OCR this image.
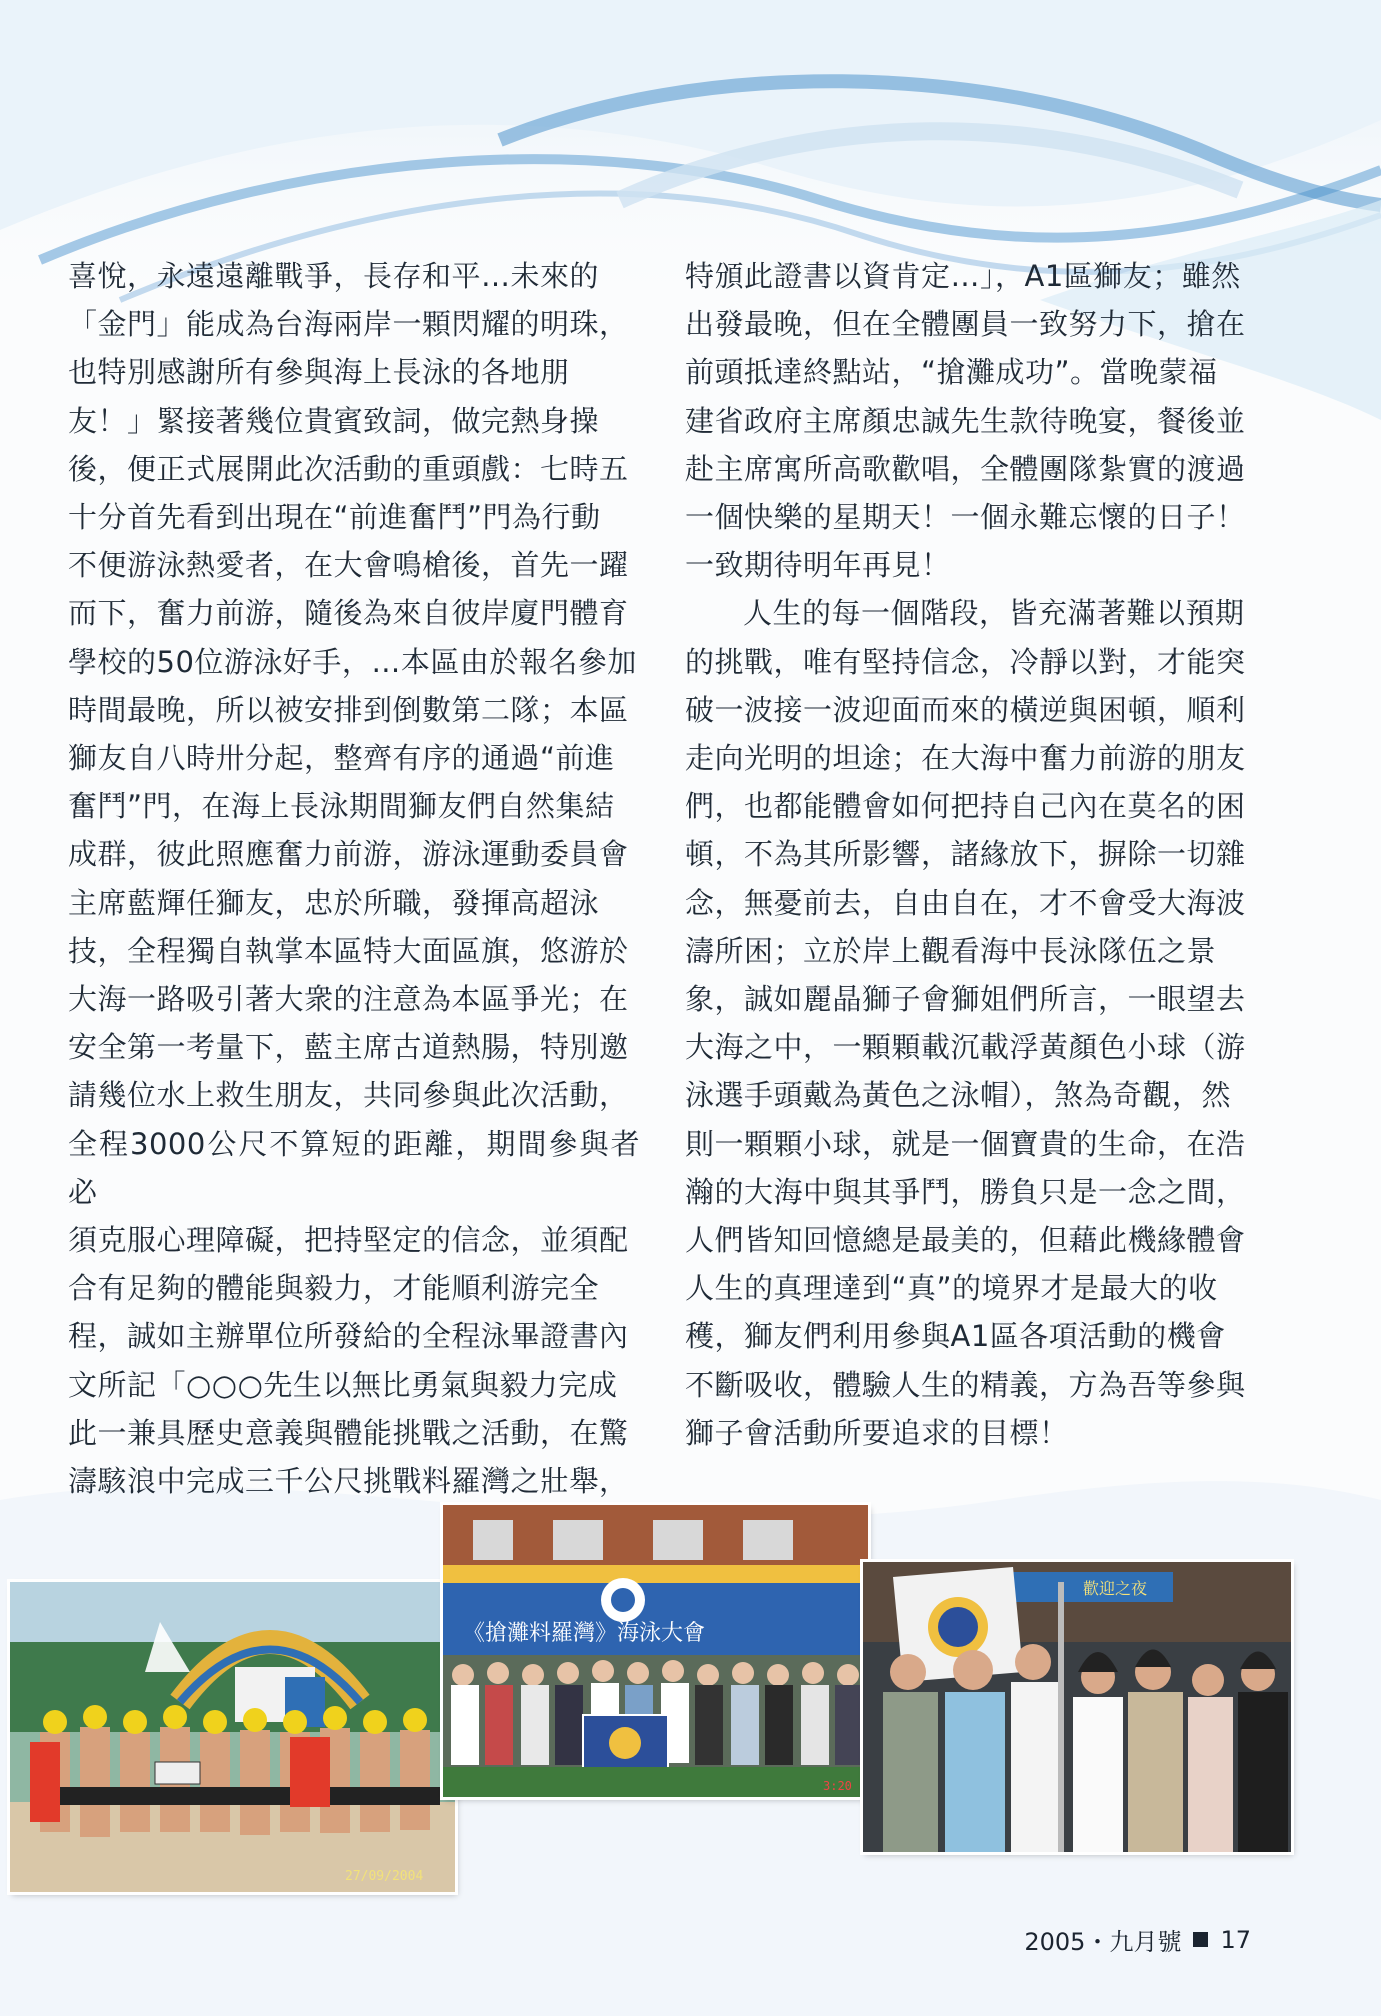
喜悅，永遠遠離戰爭，長存和平…未來的
「金門」能成為台海兩岸一顆閃耀的明珠，
也特別感謝所有參與海上長泳的各地朋
友！」緊接著幾位貴賓致詞，做完熱身操
後，便正式展開此次活動的重頭戲：七時五
十分首先看到出現在“前進奮鬥”門為行動
不便游泳熱愛者，在大會鳴槍後，首先一躍
而下，奮力前游，隨後為來自彼岸廈門體育
學校的50位游泳好手，…本區由於報名參加
時間最晚，所以被安排到倒數第二隊；本區
獅友自八時卅分起，整齊有序的通過“前進
奮鬥”門，在海上長泳期間獅友們自然集結
成群，彼此照應奮力前游，游泳運動委員會
主席藍輝任獅友，忠於所職，發揮高超泳
技，全程獨自執掌本區特大面區旗，悠游於
大海一路吸引著大衆的注意為本區爭光；在
安全第一考量下，藍主席古道熱腸，特別邀
請幾位水上救生朋友，共同參與此次活動，
全程3000公尺不算短的距離，期間參與者必
須克服心理障礙，把持堅定的信念，並須配
合有足夠的體能與毅力，才能順利游完全
程，誠如主辦單位所發給的全程泳畢證書內
文所記「○○○先生以無比勇氣與毅力完成
此一兼具歷史意義與體能挑戰之活動，在驚
濤駭浪中完成三千公尺挑戰料羅灣之壯舉，

特頒此證書以資肯定…」，A1區獅友；雖然
出發最晚，但在全體團員一致努力下，搶在
前頭抵達終點站，“搶灘成功”。當晚蒙福
建省政府主席顏忠誠先生款待晚宴，餐後並
赴主席寓所高歌歡唱，全體團隊紮實的渡過
一個快樂的星期天！一個永難忘懷的日子！
一致期待明年再見！

人生的每一個階段，皆充滿著難以預期
的挑戰，唯有堅持信念，冷靜以對，才能突
破一波接一波迎面而來的橫逆與困頓，順利
走向光明的坦途；在大海中奮力前游的朋友
們，也都能體會如何把持自己內在莫名的困
頓，不為其所影響，諸緣放下，摒除一切雜
念，無憂前去，自由自在，才不會受大海波
濤所困；立於岸上觀看海中長泳隊伍之景
象，誠如麗晶獅子會獅姐們所言，一眼望去
大海之中，一顆顆載沉載浮黃顏色小球（游
泳選手頭戴為黃色之泳帽），煞為奇觀，然
則一顆顆小球，就是一個寶貴的生命，在浩
瀚的大海中與其爭鬥，勝負只是一念之間，
人們皆知回憶總是最美的，但藉此機緣體會
人生的真理達到“真”的境界才是最大的收
穫，獅友們利用參與A1區各項活動的機會
不斷吸收，體驗人生的精義，方為吾等參與
獅子會活動所要追求的目標！

27/09/2004
《搶灘料羅灣》海泳大會
3:20
歡迎之夜
2005・九月號 17
